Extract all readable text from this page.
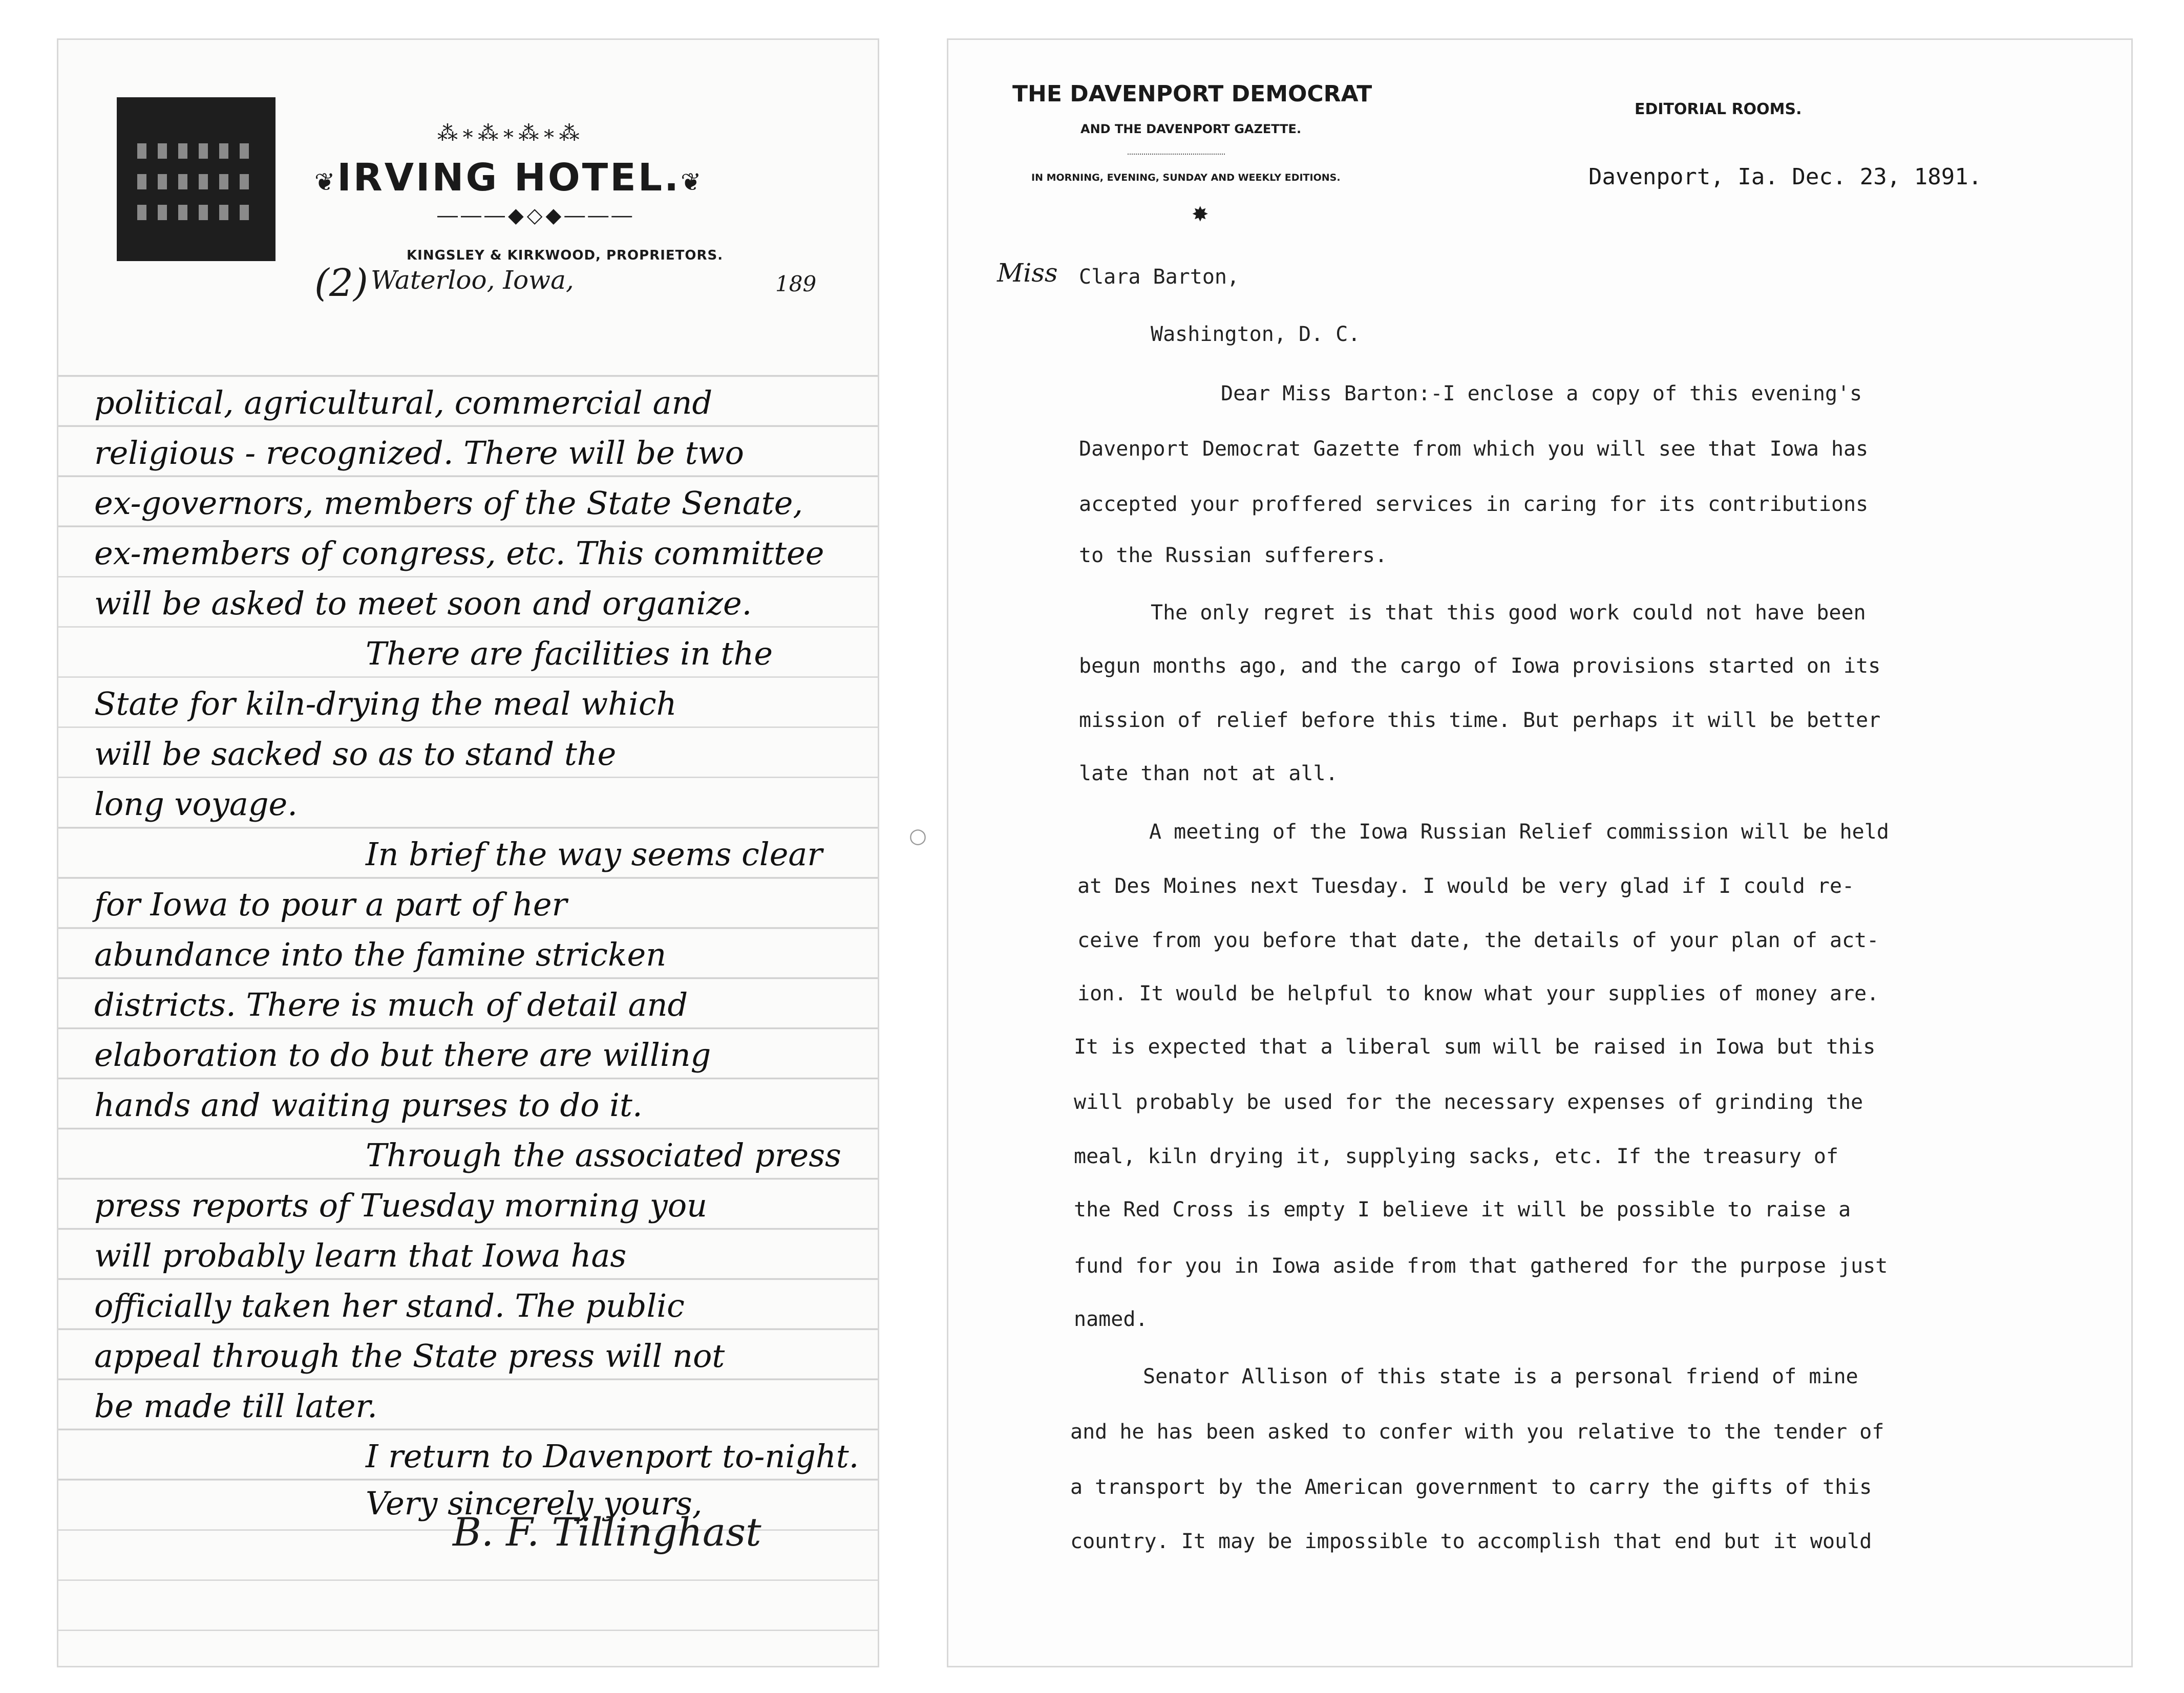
⁂∗⁂∗⁂∗⁂
❦IRVING HOTEL.❦
―――◆◇◆―――
KINGSLEY & KIRKWOOD, PROPRIETORS.
(2) Waterloo, Iowa,	189
political, agricultural, commercial and
religious - recognized. There will be two
ex-governors, members of the State Senate,
ex-members of congress, etc. This committee
will be asked to meet soon and organize.
There are facilities in the
State for kiln-drying the meal which
will be sacked so as to stand the
long voyage.
In brief the way seems clear
for Iowa to pour a part of her
abundance into the famine stricken
districts. There is much of detail and
elaboration to do but there are willing
hands and waiting purses to do it.
Through the associated press
press reports of Tuesday morning you
will probably learn that Iowa has
officially taken her stand. The public
appeal through the State press will not
be made till later.
I return to Davenport to-night.
Very sincerely yours,
B. F. Tillinghast
○
THE DAVENPORT DEMOCRAT
AND THE DAVENPORT GAZETTE.
IN MORNING, EVENING, SUNDAY AND WEEKLY EDITIONS.
✸
EDITORIAL ROOMS.
Davenport, Ia. Dec. 23, 1891.
Miss Clara Barton,
Washington, D. C.
Dear Miss Barton:-I enclose a copy of this evening's
Davenport Democrat Gazette from which you will see that Iowa has
accepted your proffered services in caring for its contributions
to the Russian sufferers.
The only regret is that this good work could not have been
begun months ago, and the cargo of Iowa provisions started on its
mission of relief before this time. But perhaps it will be better
late than not at all.
A meeting of the Iowa Russian Relief commission will be held
at Des Moines next Tuesday. I would be very glad if I could re-
ceive from you before that date, the details of your plan of act-
ion. It would be helpful to know what your supplies of money are.
It is expected that a liberal sum will be raised in Iowa but this
will probably be used for the necessary expenses of grinding the
meal, kiln drying it, supplying sacks, etc. If the treasury of
the Red Cross is empty I believe it will be possible to raise a
fund for you in Iowa aside from that gathered for the purpose just
named.
Senator Allison of this state is a personal friend of mine
and he has been asked to confer with you relative to the tender of
a transport by the American government to carry the gifts of this
country. It may be impossible to accomplish that end but it would
